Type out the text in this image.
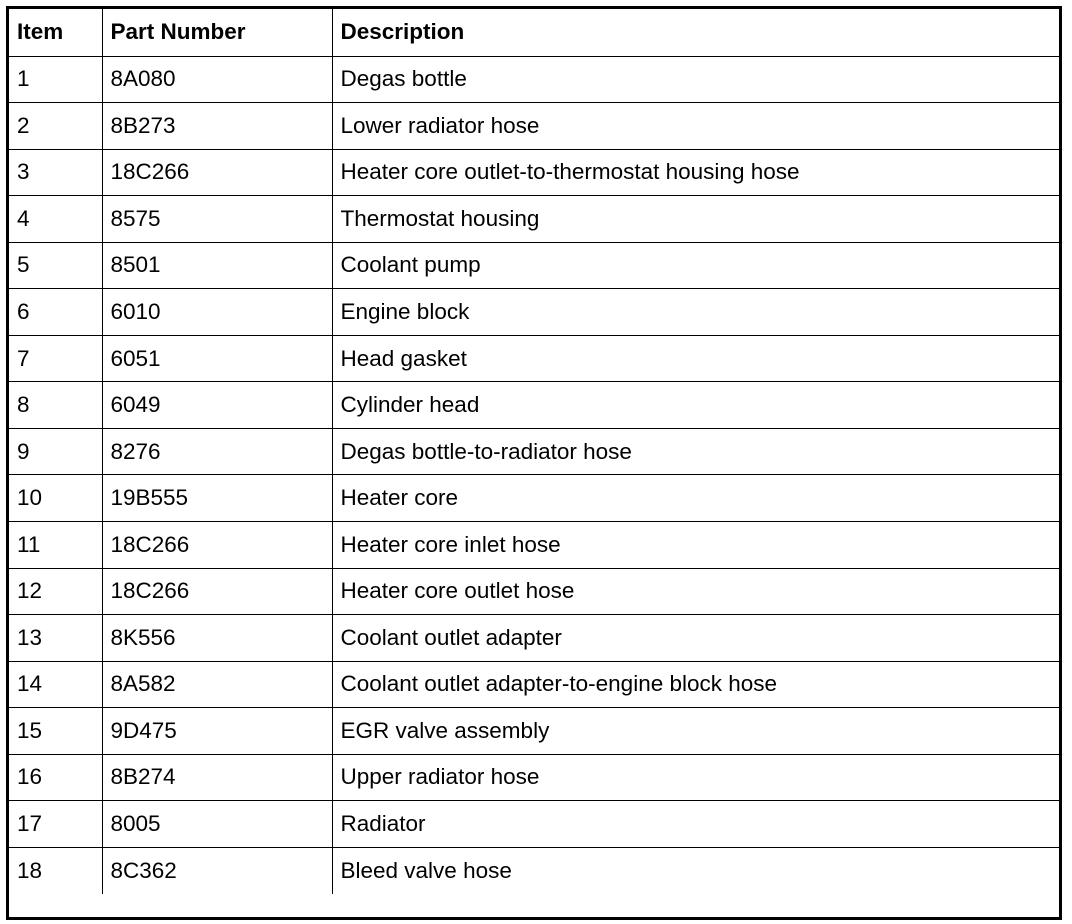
Item	Part Number	Description
1	8A080	Degas bottle
2	8B273	Lower radiator hose
3	18C266	Heater core outlet-to-thermostat housing hose
4	8575	Thermostat housing
5	8501	Coolant pump
6	6010	Engine block
7	6051	Head gasket
8	6049	Cylinder head
9	8276	Degas bottle-to-radiator hose
10	19B555	Heater core
11	18C266	Heater core inlet hose
12	18C266	Heater core outlet hose
13	8K556	Coolant outlet adapter
14	8A582	Coolant outlet adapter-to-engine block hose
15	9D475	EGR valve assembly
16	8B274	Upper radiator hose
17	8005	Radiator
18	8C362	Bleed valve hose
